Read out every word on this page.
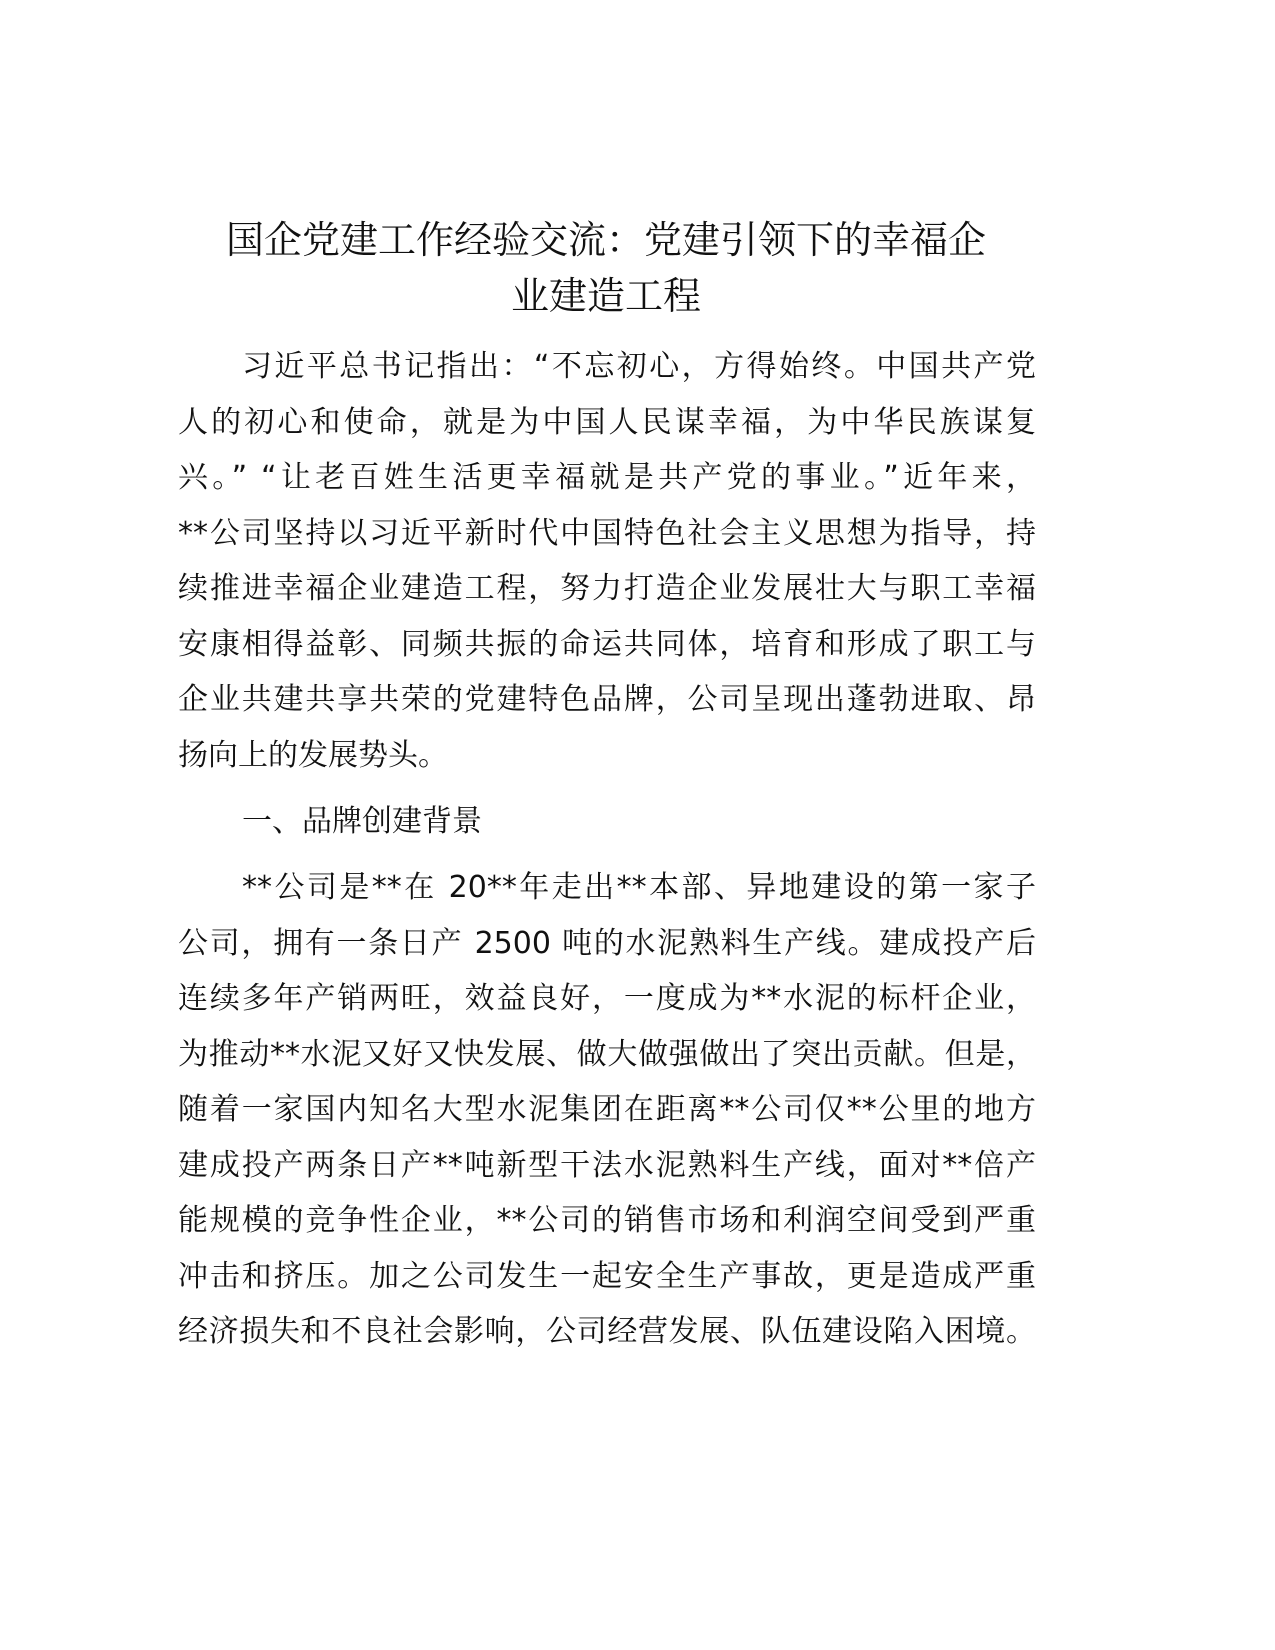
国企党建工作经验交流：党建引领下的幸福企
业建造工程
习近平总书记指出：“不忘初心，方得始终。中国共产党
人的初心和使命，就是为中国人民谋幸福，为中华民族谋复
兴。” “让老百姓生活更幸福就是共产党的事业。”近年来，
**公司坚持以习近平新时代中国特色社会主义思想为指导，持
续推进幸福企业建造工程，努力打造企业发展壮大与职工幸福
安康相得益彰、同频共振的命运共同体，培育和形成了职工与
企业共建共享共荣的党建特色品牌，公司呈现出蓬勃进取、昂
扬向上的发展势头。
一、品牌创建背景
**公司是**在 20**年走出**本部、异地建设的第一家子
公司，拥有一条日产 2500 吨的水泥熟料生产线。建成投产后
连续多年产销两旺，效益良好，一度成为**水泥的标杆企业，
为推动**水泥又好又快发展、做大做强做出了突出贡献。但是，
随着一家国内知名大型水泥集团在距离**公司仅**公里的地方
建成投产两条日产**吨新型干法水泥熟料生产线，面对**倍产
能规模的竞争性企业，**公司的销售市场和利润空间受到严重
冲击和挤压。加之公司发生一起安全生产事故，更是造成严重
经济损失和不良社会影响，公司经营发展、队伍建设陷入困境。
